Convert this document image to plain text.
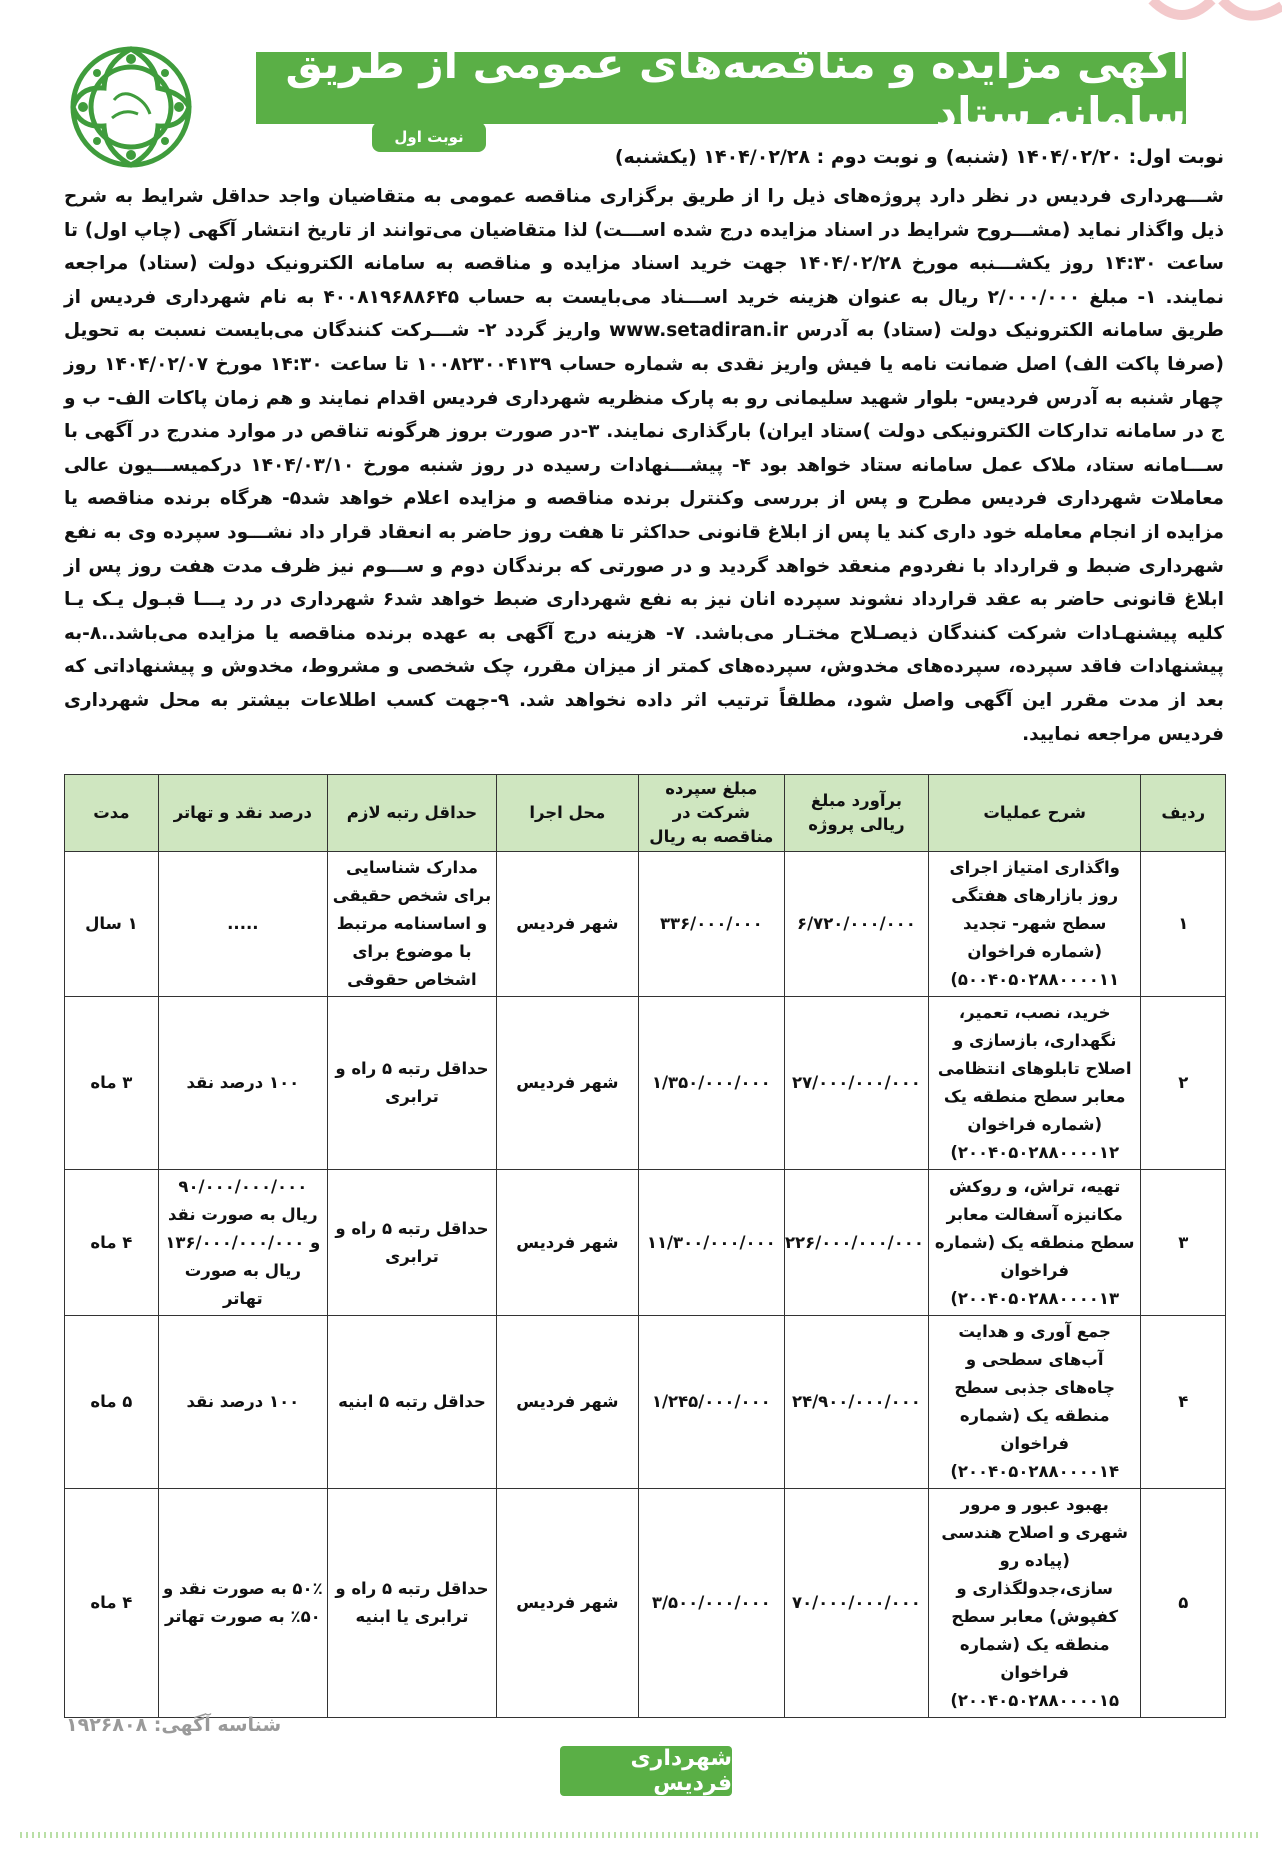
آگهی مزایده و مناقصه‌های عمومی از طریق سامانه ستاد
نوبت اول
نوبت اول: ۱۴۰۴/۰۲/۲۰ (شنبه)و نوبت دوم : ۱۴۰۴/۰۲/۲۸ (یکشنبه)
شـــهرداری فردیس در نظر دارد پروژه‌های ذیل را از طریق برگزاری مناقصه عمومی به متقاضیان واجد حداقل شرایط به شرح ذیل واگذار نماید (مشـــروح شرایط در اسناد مزایده درج شده اســـت) لذا متقاضیان می‌توانند از تاریخ انتشار آگهی (چاپ اول) تا ساعت ۱۴:۳۰ روز یکشـــنبه مورخ ۱۴۰۴/۰۲/۲۸ جهت خرید اسناد مزایده و مناقصه به سامانه الکترونیک دولت (ستاد) مراجعه نمایند. ۱- مبلغ ۲/۰۰۰/۰۰۰ ریال به عنوان هزینه خرید اســـناد می‌بایست به حساب ۴۰۰۸۱۹۶۸۸۶۴۵ به نام شهرداری فردیس از طریق سامانه الکترونیک دولت (ستاد) به آدرس www.setadiran.ir واریز گردد ۲- شـــرکت کنندگان می‌بایست نسبت به تحویل (صرفا پاکت الف) اصل ضمانت نامه یا فیش واریز نقدی به شماره حساب ۱۰۰۸۲۳۰۰۴۱۳۹ تا ساعت ۱۴:۳۰ مورخ ۱۴۰۴/۰۲/۰۷ روز چهار شنبه به آدرس فردیس- بلوار شهید سلیمانی رو به پارک منظریه شهرداری فردیس اقدام نمایند و هم زمان پاکات الف- ب و ج در سامانه تدارکات الکترونیکی دولت )ستاد ایران) بارگذاری نمایند. ۳-در صورت بروز هرگونه تناقص در موارد مندرج در آگهی با ســـامانه ستاد، ملاک عمل سامانه ستاد خواهد بود ۴- پیشـــنهادات رسیده در روز شنبه مورخ ۱۴۰۴/۰۳/۱۰ درکمیســـیون عالی معاملات شهرداری فردیس مطرح و پس از بررسی وکنترل برنده مناقصه و مزایده اعلام خواهد شد۵- هرگاه برنده مناقصه یا مزایده از انجام معامله خود داری کند یا پس از ابلاغ قانونی حداکثر تا هفت روز حاضر به انعقاد قرار داد نشـــود سپرده وی به نفع شهرداری ضبط و قرارداد با نفردوم منعقد خواهد گردید و در صورتی که برندگان دوم و ســـوم نیز ظرف مدت هفت روز پس از ابلاغ قانونی حاضر به عقد قرارداد نشوند سپرده انان نیز به نفع شهرداری ضبط خواهد شد۶ شهرداری در رد یـــا قبـول یـک یـا کلیه پیشنهـادات شرکت کنندگان ذیصـلاح مختـار می‌باشد. ۷- هزینه درج آگهی به عهده برنده مناقصه یا مزایده می‌باشد..۸-به پیشنهادات فاقد سپرده، سپرده‌های مخدوش، سپرده‌های کمتر از میزان مقرر، چک شخصی و مشروط، مخدوش و پیشنهاداتی که بعد از مدت مقرر این آگهی واصل شود، مطلقاً ترتیب اثر داده نخواهد شد. ۹-جهت کسب اطلاعات بیشتر به محل شهرداری فردیس مراجعه نمایید.
ردیف	شرح عملیات	برآورد مبلغ ریالی پروژه	مبلغ سپرده شرکت در مناقصه به ریال	محل اجرا	حداقل رتبه لازم	درصد نقد و تهاتر	مدت
۱	واگذاری امتیاز اجرای روز بازارهای هفتگی سطح شهر- تجدید (شماره فراخوان ۵۰۰۴۰۵۰۲۸۸۰۰۰۰۱۱)	۶/۷۲۰/۰۰۰/۰۰۰	۳۳۶/۰۰۰/۰۰۰	شهر فردیس	مدارک شناسایی برای شخص حقیقی و اساسنامه مرتبط با موضوع برای اشخاص حقوقی	.....	۱ سال
۲	خرید، نصب، تعمیر، نگهداری، بازسازی و اصلاح تابلوهای انتظامی معابر سطح منطقه یک (شماره فراخوان ۲۰۰۴۰۵۰۲۸۸۰۰۰۰۱۲)	۲۷/۰۰۰/۰۰۰/۰۰۰	۱/۳۵۰/۰۰۰/۰۰۰	شهر فردیس	حداقل رتبه ۵ راه و ترابری	۱۰۰ درصد نقد	۳ ماه
۳	تهیه، تراش، و روکش مکانیزه آسفالت معابر سطح منطقه یک (شماره فراخوان ۲۰۰۴۰۵۰۲۸۸۰۰۰۰۱۳)	۲۲۶/۰۰۰/۰۰۰/۰۰۰	۱۱/۳۰۰/۰۰۰/۰۰۰	شهر فردیس	حداقل رتبه ۵ راه و ترابری	۹۰/۰۰۰/۰۰۰/۰۰۰ ریال به صورت نقد و ۱۳۶/۰۰۰/۰۰۰/۰۰۰ ریال به صورت تهاتر	۴ ماه
۴	جمع آوری و هدایت آب‌های سطحی و چاه‌های جذبی سطح منطقه یک (شماره فراخوان ۲۰۰۴۰۵۰۲۸۸۰۰۰۰۱۴)	۲۴/۹۰۰/۰۰۰/۰۰۰	۱/۲۴۵/۰۰۰/۰۰۰	شهر فردیس	حداقل رتبه ۵ ابنیه	۱۰۰ درصد نقد	۵ ماه
۵	بهبود عبور و مرور شهری و اصلاح هندسی (پیاده رو سازی،جدولگذاری و کفپوش) معابر سطح منطقه یک (شماره فراخوان ۲۰۰۴۰۵۰۲۸۸۰۰۰۰۱۵)	۷۰/۰۰۰/۰۰۰/۰۰۰	۳/۵۰۰/۰۰۰/۰۰۰	شهر فردیس	حداقل رتبه ۵ راه و ترابری یا ابنیه	۵۰٪ به صورت نقد و ۵۰٪ به صورت تهاتر	۴ ماه
شناسه آگهی: ۱۹۲۶۸۰۸
شهرداری فردیس
